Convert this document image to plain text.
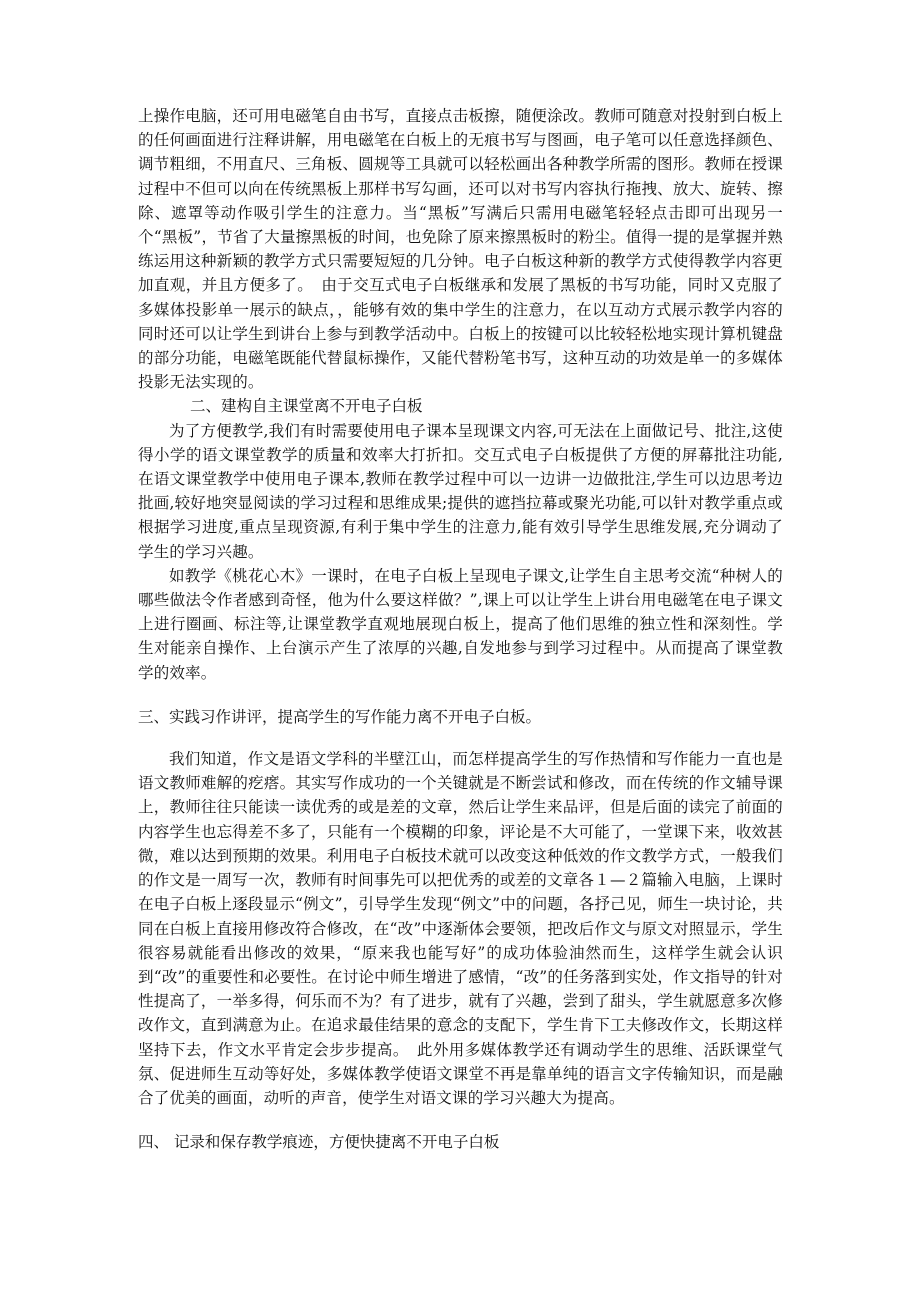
上操作电脑，还可用电磁笔自由书写，直接点击板擦，随便涂改。教师可随意对投射到白板上的任何画面进行注释讲解，用电磁笔在白板上的无痕书写与图画，电子笔可以任意选择颜色、调节粗细，不用直尺、三角板、圆规等工具就可以轻松画出各种教学所需的图形。教师在授课过程中不但可以向在传统黑板上那样书写勾画，还可以对书写内容执行拖拽、放大、旋转、擦除、遮罩等动作吸引学生的注意力。当“黑板”写满后只需用电磁笔轻轻点击即可出现另一个“黑板”，节省了大量擦黑板的时间，也免除了原来擦黑板时的粉尘。值得一提的是掌握并熟练运用这种新颖的教学方式只需要短短的几分钟。电子白板这种新的教学方式使得教学内容更加直观，并且方便多了。　由于交互式电子白板继承和发展了黑板的书写功能，同时又克服了多媒体投影单一展示的缺点，，能够有效的集中学生的注意力，在以互动方式展示教学内容的同时还可以让学生到讲台上参与到教学活动中。白板上的按键可以比较轻松地实现计算机键盘的部分功能，电磁笔既能代替鼠标操作，又能代替粉笔书写，这种互动的功效是单一的多媒体投影无法实现的。

二、建构自主课堂离不开电子白板

为了方便教学,我们有时需要使用电子课本呈现课文内容,可无法在上面做记号、批注,这使得小学的语文课堂教学的质量和效率大打折扣。交互式电子白板提供了方便的屏幕批注功能,在语文课堂教学中使用电子课本,教师在教学过程中可以一边讲一边做批注,学生可以边思考边批画,较好地突显阅读的学习过程和思维成果;提供的遮挡拉幕或聚光功能,可以针对教学重点或根据学习进度,重点呈现资源,有利于集中学生的注意力,能有效引导学生思维发展,充分调动了学生的学习兴趣。

如教学《桃花心木》一课时，在电子白板上呈现电子课文,让学生自主思考交流“种树人的哪些做法令作者感到奇怪，他为什么要这样做？”,课上可以让学生上讲台用电磁笔在电子课文上进行圈画、标注等,让课堂教学直观地展现白板上，提高了他们思维的独立性和深刻性。学生对能亲自操作、上台演示产生了浓厚的兴趣,自发地参与到学习过程中。从而提高了课堂教学的效率。

三、实践习作讲评，提高学生的写作能力离不开电子白板。

我们知道，作文是语文学科的半壁江山，而怎样提高学生的写作热情和写作能力一直也是语文教师难解的疙瘩。其实写作成功的一个关键就是不断尝试和修改，而在传统的作文辅导课上，教师往往只能读一读优秀的或是差的文章，然后让学生来品评，但是后面的读完了前面的内容学生也忘得差不多了，只能有一个模糊的印象，评论是不大可能了，一堂课下来，收效甚微，难以达到预期的效果。利用电子白板技术就可以改变这种低效的作文教学方式，一般我们的作文是一周写一次，教师有时间事先可以把优秀的或差的文章各１—２篇输入电脑，上课时在电子白板上逐段显示“例文”，引导学生发现“例文”中的问题，各抒己见，师生一块讨论，共同在白板上直接用修改符合修改，在“改”中逐渐体会要领，把改后作文与原文对照显示，学生很容易就能看出修改的效果，“原来我也能写好”的成功体验油然而生，这样学生就会认识到“改”的重要性和必要性。在讨论中师生增进了感情，“改”的任务落到实处，作文指导的针对性提高了，一举多得，何乐而不为？有了进步，就有了兴趣，尝到了甜头，学生就愿意多次修改作文，直到满意为止。在追求最佳结果的意念的支配下，学生肯下工夫修改作文，长期这样坚持下去，作文水平肯定会步步提高。　此外用多媒体教学还有调动学生的思维、活跃课堂气氛、促进师生互动等好处，多媒体教学使语文课堂不再是靠单纯的语言文字传输知识，而是融合了优美的画面，动听的声音，使学生对语文课的学习兴趣大为提高。

四、 记录和保存教学痕迹，方便快捷离不开电子白板
